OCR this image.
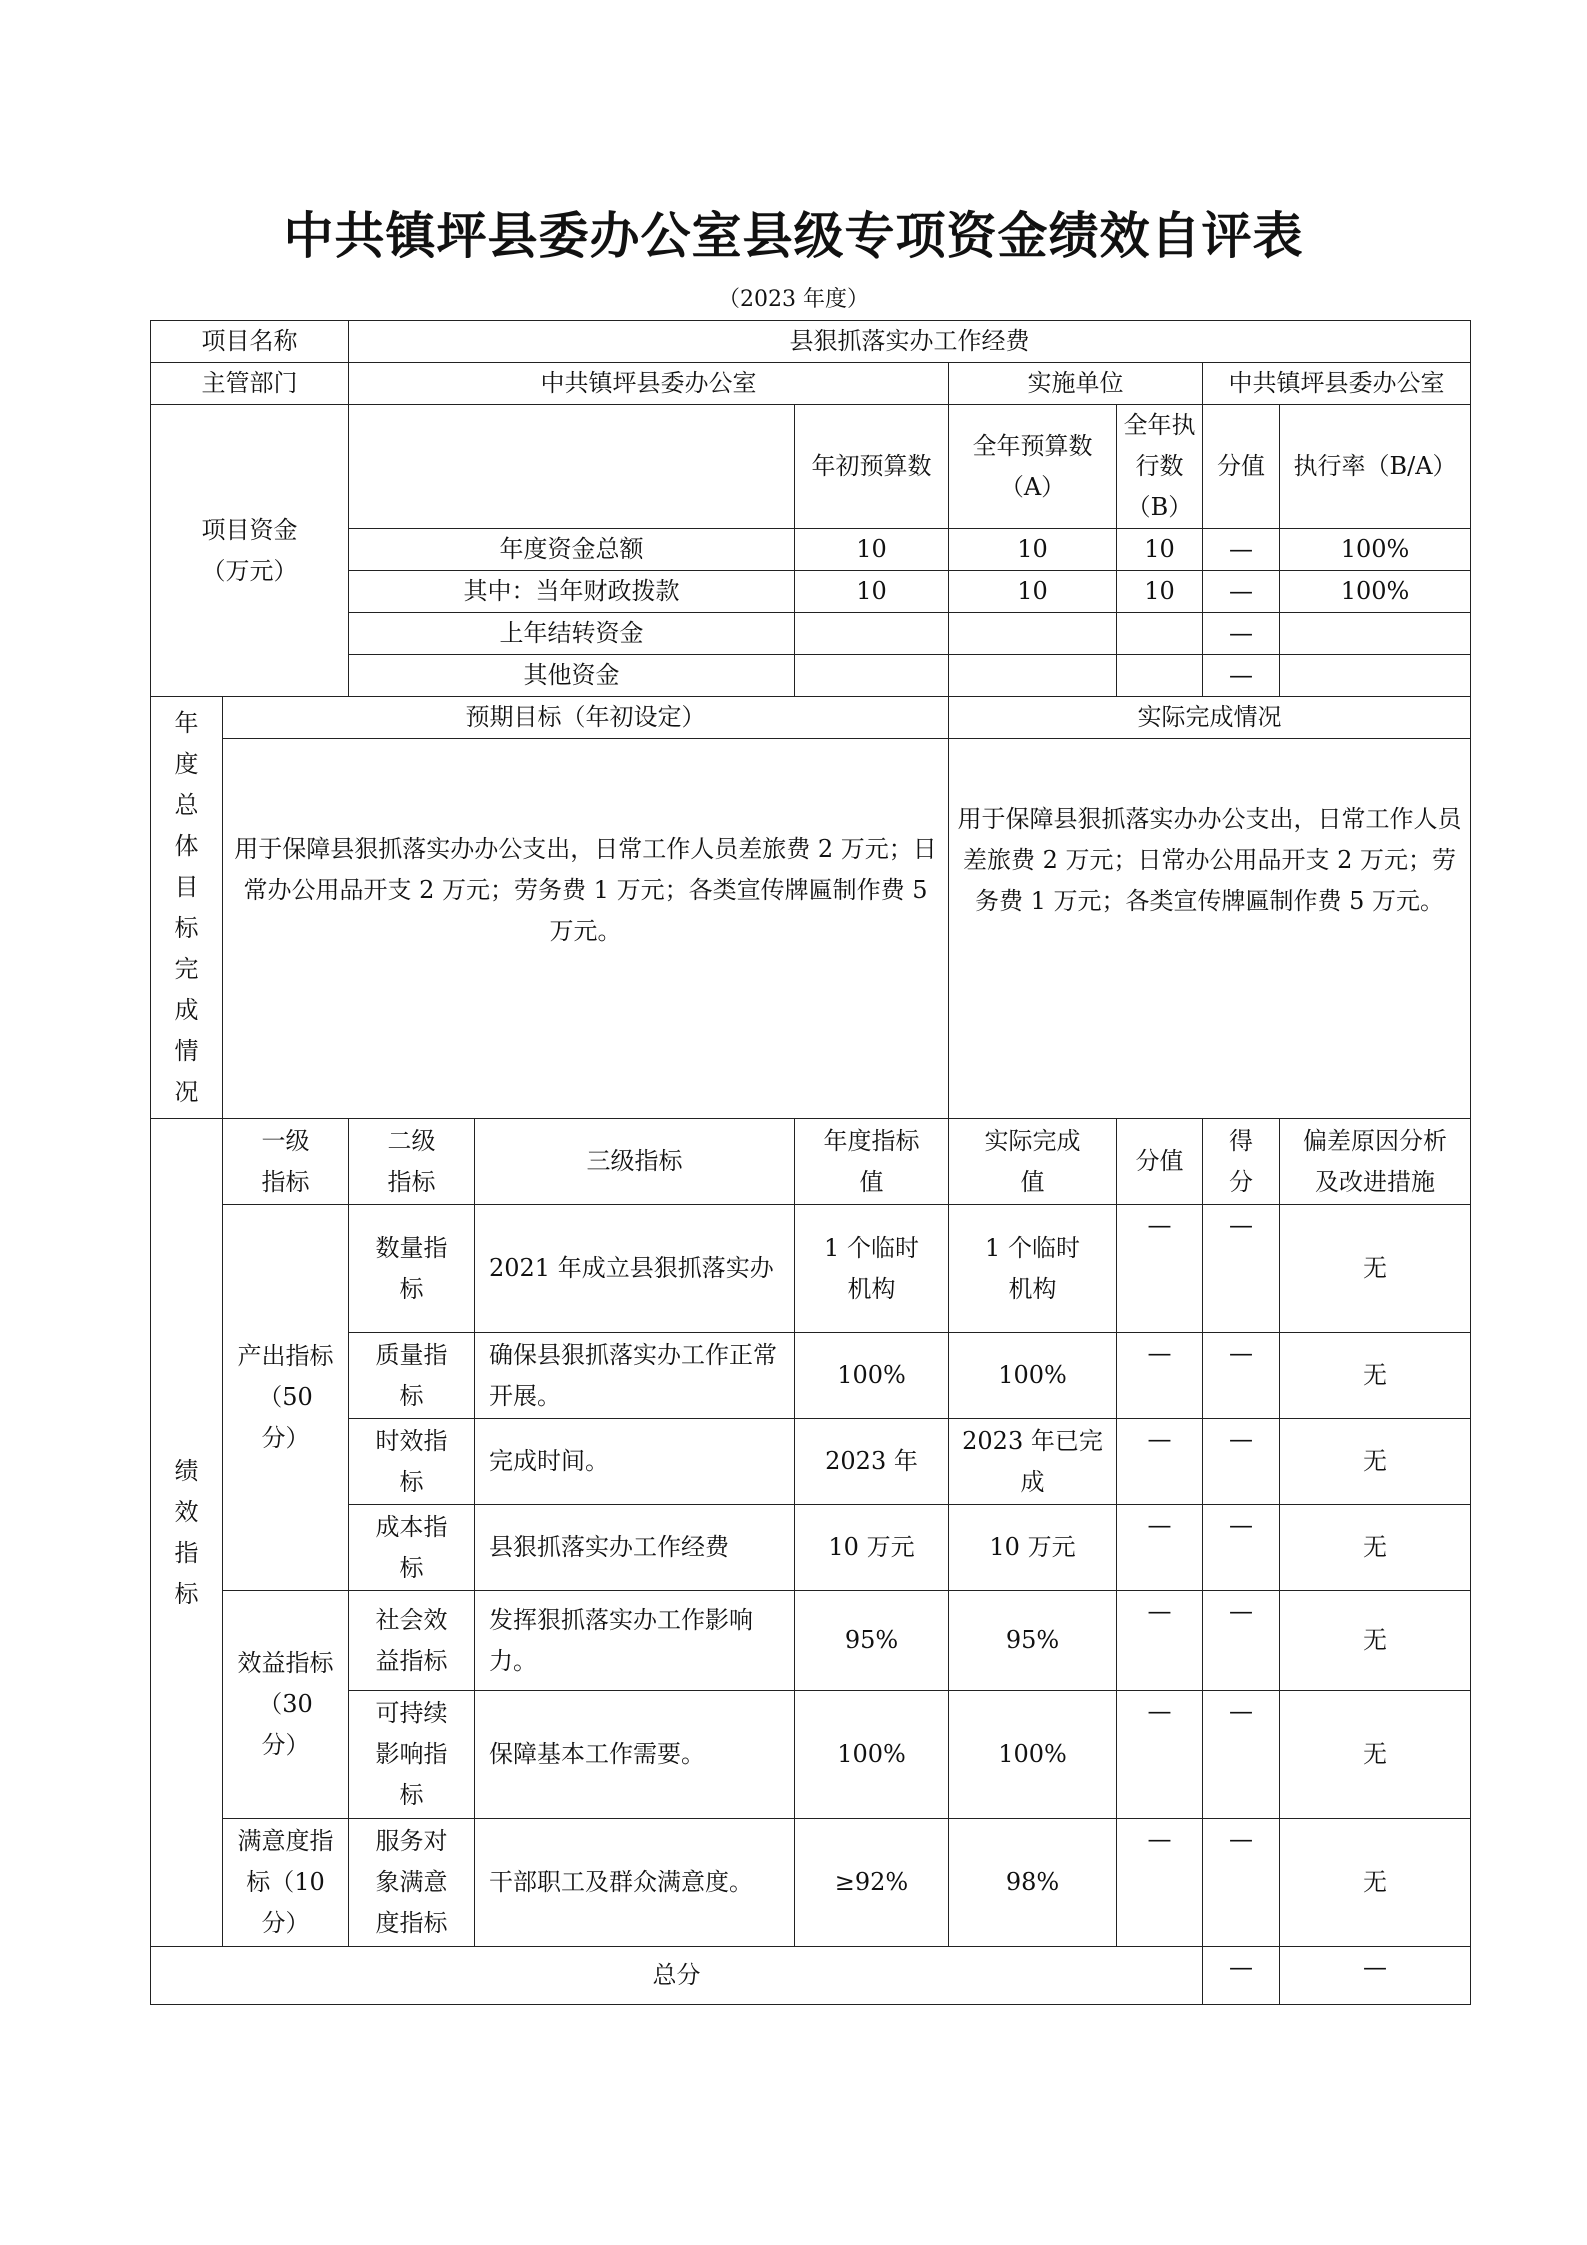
中共镇坪县委办公室县级专项资金绩效自评表
（2023 年度）
项目名称	县狠抓落实办工作经费						
主管部门	中共镇坪县委办公室		实施单位		中共镇坪县委办公室		
项目资金（万元）		年初预算数	全年预算数（A）	全年执行数（B）	分值	执行率（B/A）	
	年度资金总额	10	10	10	—	100%	
	其中：当年财政拨款	10	10	10	—	100%	
	上年结转资金				—		
	其他资金				—		
年度总体目标完成情况	预期目标（年初设定）				实际完成情况				
	用于保障县狠抓落实办办公支出，日常工作人员差旅费 2 万元；日常办公用品开支 2 万元；劳务费 1 万元；各类宣传牌匾制作费 5 万元。				用于保障县狠抓落实办办公支出，日常工作人员差旅费 2 万元；日常办公用品开支 2 万元；劳务费 1 万元；各类宣传牌匾制作费 5 万元。				
绩效指标	一级指标	二级指标	三级指标	年度指标值	实际完成值	分值	得分	偏差原因分析及改进措施	
	产出指标（50 分）	数量指标	2021 年成立县狠抓落实办	1 个临时机构	1 个临时机构	—	—	无	
		质量指标	确保县狠抓落实办工作正常开展。	100%	100%	—	—	无	
		时效指标	完成时间。	2023 年	2023 年已完成	—	—	无	
		成本指标	县狠抓落实办工作经费	10 万元	10 万元	—	—	无	
	效益指标（30 分）	社会效益指标	发挥狠抓落实办工作影响力。	95%	95%	—	—	无	
		可持续影响指标	保障基本工作需要。	100%	100%	—	—	无	
	满意度指标（10 分）	服务对象满意度指标	干部职工及群众满意度。	≥92%	98%	—	—	无	
总分							—	—	
